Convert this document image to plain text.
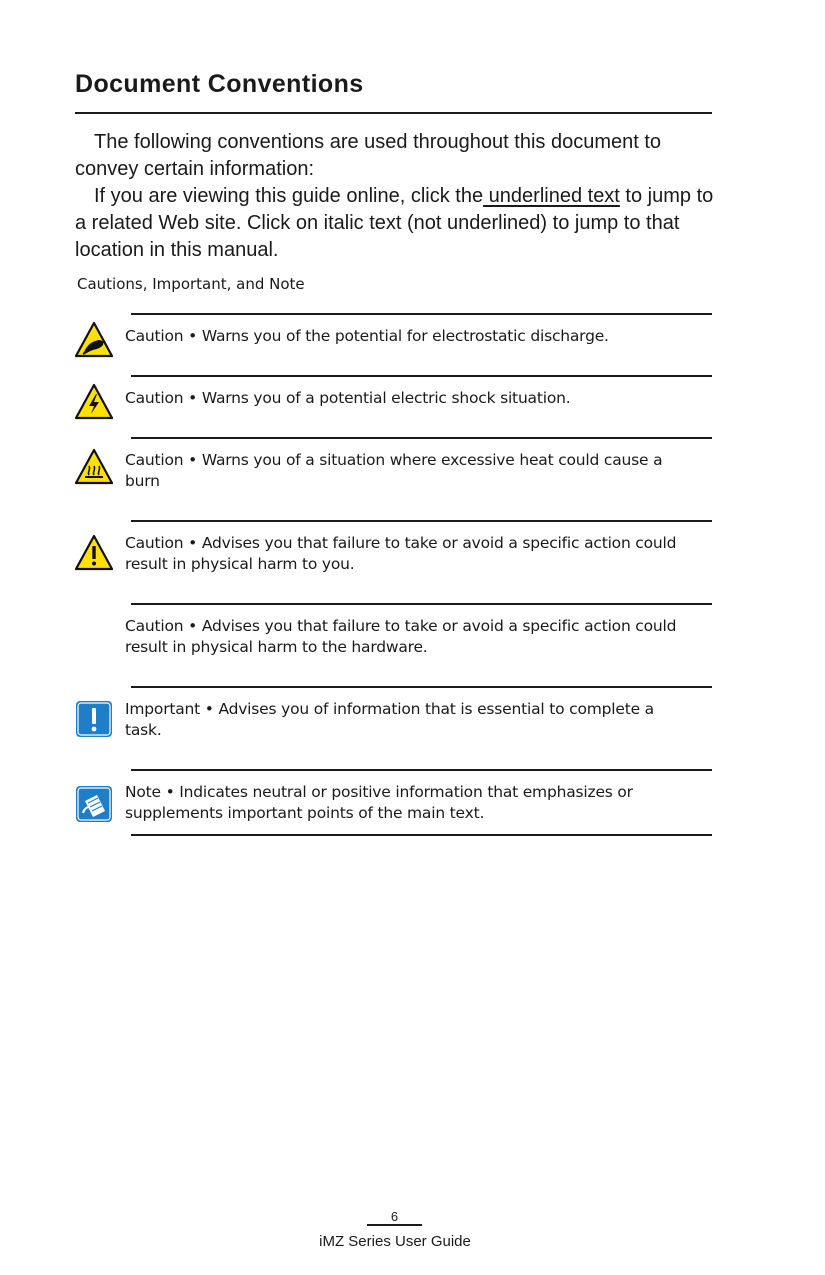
Document Conventions

The following conventions are used throughout this document to convey certain information:

If you are viewing this guide online, click the underlined text to jump to a related Web site. Click on italic text (not underlined) to jump to that location in this manual.

Cautions, Important, and Note

Caution • Warns you of the potential for electrostatic discharge.

Caution • Warns you of a potential electric shock situation.

Caution • Warns you of a situation where excessive heat could cause a burn

Caution • Advises you that failure to take or avoid a specific action could result in physical harm to you.

Caution • Advises you that failure to take or avoid a specific action could result in physical harm to the hardware.

Important • Advises you of information that is essential to complete a task.

Note • Indicates neutral or positive information that emphasizes or supplements important points of the main text.

6
iMZ Series User Guide
